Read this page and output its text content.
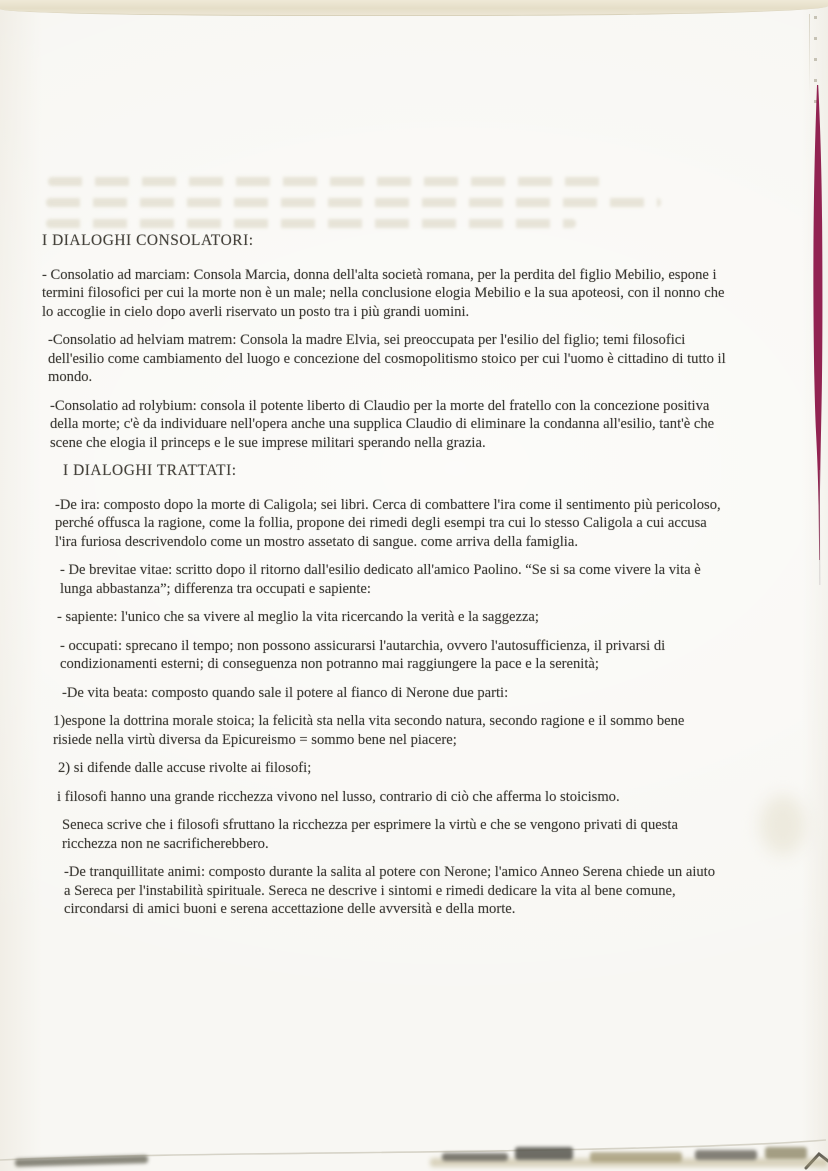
I DIALOGHI CONSOLATORI:

- Consolatio ad marciam: Consola Marcia, donna dell'alta società romana, per la perdita del figlio Mebilio, espone i termini filosofici per cui la morte non è un male; nella conclusione elogia Mebilio e la sua apoteosi, con il nonno che lo accoglie in cielo dopo averli riservato un posto tra i più grandi uomini.

-Consolatio ad helviam matrem: Consola la madre Elvia, sei preoccupata per l'esilio del figlio; temi filosofici dell'esilio come cambiamento del luogo e concezione del cosmopolitismo stoico per cui l'uomo è cittadino di tutto il mondo.

-Consolatio ad rolybium: consola il potente liberto di Claudio per la morte del fratello con la concezione positiva della morte; c'è da individuare nell'opera anche una supplica Claudio di eliminare la condanna all'esilio, tant'è che scene che elogia il princeps e le sue imprese militari sperando nella grazia.

I DIALOGHI TRATTATI:

-De ira: composto dopo la morte di Caligola; sei libri. Cerca di combattere l'ira come il sentimento più pericoloso, perché offusca la ragione, come la follia, propone dei rimedi degli esempi tra cui lo stesso Caligola a cui accusa l'ira furiosa descrivendolo come un mostro assetato di sangue. come arriva della famiglia.

- De brevitae vitae: scritto dopo il ritorno dall'esilio dedicato all'amico Paolino. “Se si sa come vivere la vita è lunga abbastanza”; differenza tra occupati e sapiente:

- sapiente: l'unico che sa vivere al meglio la vita ricercando la verità e la saggezza;

- occupati: sprecano il tempo; non possono assicurarsi l'autarchia, ovvero l'autosufficienza, il privarsi di condizionamenti esterni; di conseguenza non potranno mai raggiungere la pace e la serenità;

-De vita beata: composto quando sale il potere al fianco di Nerone due parti:

1)espone la dottrina morale stoica; la felicità sta nella vita secondo natura, secondo ragione e il sommo bene risiede nella virtù diversa da Epicureismo = sommo bene nel piacere;

2) si difende dalle accuse rivolte ai filosofi;

i filosofi hanno una grande ricchezza vivono nel lusso, contrario di ciò che afferma lo stoicismo.

Seneca scrive che i filosofi sfruttano la ricchezza per esprimere la virtù e che se vengono privati di questa ricchezza non ne sacrificherebbero.

-De tranquillitate animi: composto durante la salita al potere con Nerone; l'amico Anneo Serena chiede un aiuto a Sereca per l'instabilità spirituale. Sereca ne descrive i sintomi e rimedi dedicare la vita al bene comune, circondarsi di amici buoni e serena accettazione delle avversità e della morte.
